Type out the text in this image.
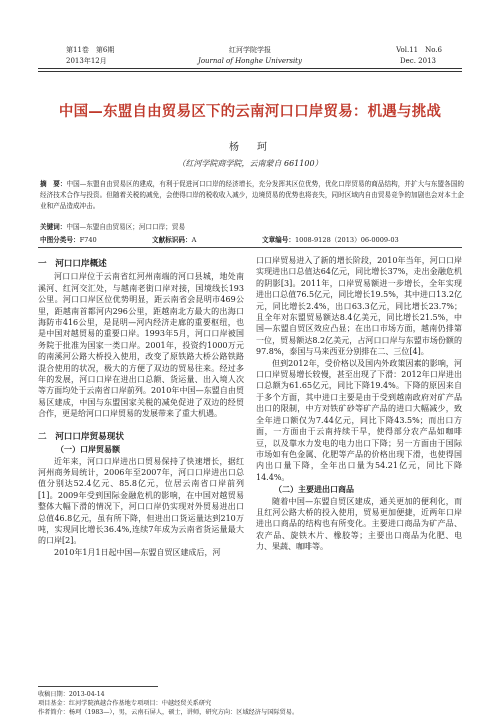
第11卷　第6期
2013年12月
红河学院学报
Journal of Honghe University
Vol.11　No.6
Dec. 2013
中国—东盟自由贸易区下的云南河口口岸贸易：机遇与挑战
杨　珂
（红河学院商学院，云南蒙自 661100）
摘　要：中国—东盟自由贸易区的建成，有利于促进河口口岸的经济增长，充分发挥其区位优势，优化口岸贸易的商品结构，并扩大与东盟各国的经济技术合作与投资。但随着关税的减免，会使得口岸的税收收入减少，边境贸易的优势也将丧失，同时区域内自由贸易竞争的加剧也会对本土企业和产品造成冲击。
关键词：中国—东盟自由贸易区；河口口岸；贸易
中图分类号：F740	文献标识码：A	文章编号：1008-9128（2013）06-0009-03

一　河口口岸概述

河口口岸位于云南省红河州南端的河口县城，地处南溪河、红河交汇处，与越南老街口岸对接，国境线长193公里。河口口岸区位优势明显，距云南省会昆明市469公里，距越南首都河内296公里，距越南北方最大的出海口海防市416公里，是昆明—河内经济走廊的重要枢纽，也是中国对越贸易的重要口岸。1993年5月，河口口岸被国务院于批准为国家一类口岸。2001年，投资约1000万元的南溪河公路大桥投入使用，改变了原铁路大桥公路铁路混合使用的状况，极大的方便了双边的贸易往来。经过多年的发展，河口口岸在进出口总额、货运量、出入境人次等方面均处于云南省口岸前列。2010年中国—东盟自由贸易区建成，中国与东盟国家关税的减免促进了双边的经贸合作，更是给河口口岸贸易的发展带来了重大机遇。

二　河口口岸贸易现状

（一）口岸贸易额

近年来，河口口岸进出口贸易保持了快速增长，据红河州商务局统计，2006年至2007年，河口口岸进出口总值分别达52.4亿元、85.8亿元，位居云南省口岸前列[1]。2009年受到国际金融危机的影响，在中国对越贸易整体大幅下滑的情况下，河口口岸仍实现对外贸易进出口总值46.8亿元，虽有所下降，但进出口货运量达到210万吨，实现同比增长36.4%,连续7年成为云南省货运量最大的口岸[2]。

2010年1月1日起中国—东盟自贸区建成后，河

口口岸贸易进入了新的增长阶段，2010年当年，河口口岸实现进出口总值达64亿元，同比增长37%，走出金融危机的阴影[3]。2011年，口岸贸易额进一步增长，全年实现进出口总值76.5亿元，同比增长19.5%，其中进口13.2亿元，同比增长2.4%，出口63.3亿元，同比增长23.7%；且全年对东盟贸易额达8.4亿美元，同比增长21.5%，中国—东盟自贸区效应凸显；在出口市场方面，越南仍排第一位，贸易额达8.2亿美元，占河口口岸与东盟市场份额的97.8%，泰国与马来西亚分别排在二、三位[4]。

但到2012年，受价格以及国内外政策因素的影响，河口口岸贸易增长较慢，甚至出现了下滑：2012年口岸进出口总额为61.65亿元，同比下降19.4%。下降的原因来自于多个方面，其中进口主要是由于受到越南政府对矿产品出口的限制，中方对铁矿砂等矿产品的进口大幅减少，致全年进口额仅为7.44亿元，同比下降43.5%；而出口方面，一方面由于云南持续干旱，使得部分农产品如咖啡豆，以及靠水力发电的电力出口下降；另一方面由于国际市场如有色金属、化肥等产品的价格出现下滑，也使得国内出口量下降，全年出口量为54.21亿元，同比下降14.4%。

（二）主要进出口商品

随着中国—东盟自贸区建成，通关更加的便利化，而且红河公路大桥的投入使用，贸易更加便捷，近两年口岸进出口商品的结构也有所变化。主要进口商品为矿产品、农产品、旋铁木片、橡胶等；主要出口商品为化肥、电力、果蔬、咖啡等。

收稿日期：2013-04-14
项目基金：红河学院滇越合作基地专项项目：中越经贸关系研究
作者简介：杨珂（1983—），男，云南石屏人，硕士，讲师，研究方向：区域经济与国际贸易。
